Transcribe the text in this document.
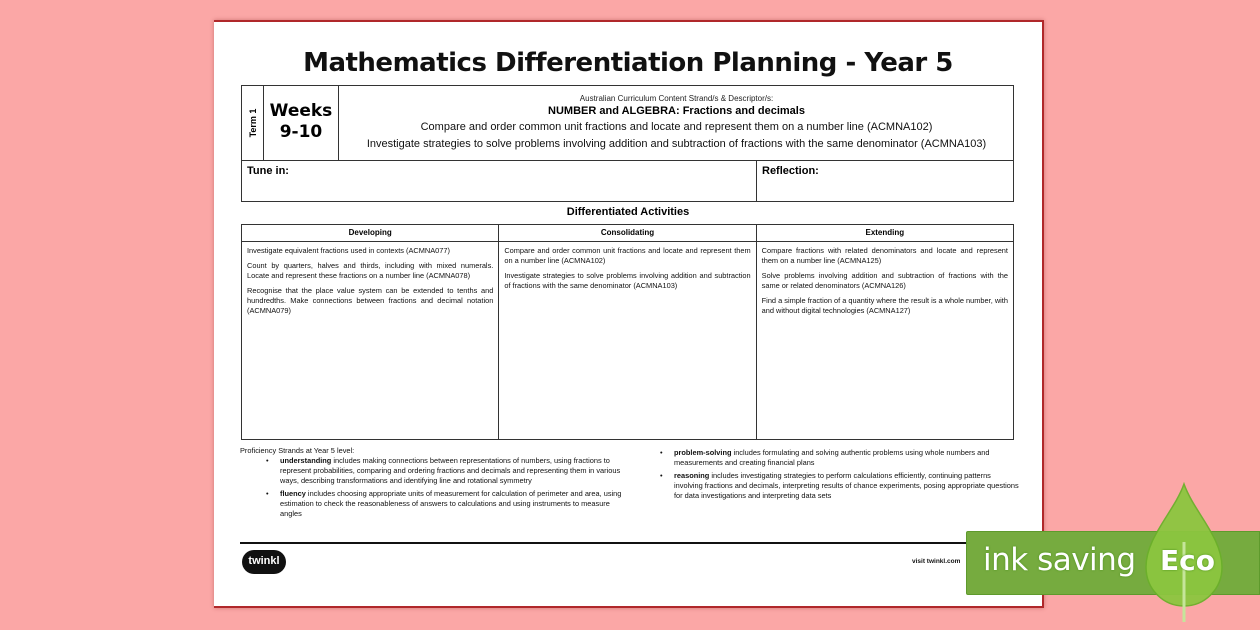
Mathematics Differentiation Planning - Year 5
Term 1 Weeks
9-10
Australian Curriculum Content Strand/s & Descriptor/s:
NUMBER and ALGEBRA: Fractions and decimals
Compare and order common unit fractions and locate and represent them on a number line (ACMNA102)
Investigate strategies to solve problems involving addition and subtraction of fractions with the same denominator (ACMNA103)
Tune in:	Reflection:
Differentiated Activities
Developing

Investigate equivalent fractions used in contexts (ACMNA077)

Count by quarters, halves and thirds, including with mixed numerals. Locate and represent these fractions on a number line (ACMNA078)

Recognise that the place value system can be extended to tenths and hundredths. Make connections between fractions and decimal notation (ACMNA079)

Consolidating

Compare and order common unit fractions and locate and represent them on a number line (ACMNA102)

Investigate strategies to solve problems involving addition and subtraction of fractions with the same denominator (ACMNA103)

Extending

Compare fractions with related denominators and locate and represent them on a number line (ACMNA125)

Solve problems involving addition and subtraction of fractions with the same or related denominators (ACMNA126)

Find a simple fraction of a quantity where the result is a whole number, with and without digital technologies (ACMNA127)

Proficiency Strands at Year 5 level:
• understanding includes making connections between representations of numbers, using fractions to represent probabilities, comparing and ordering fractions and decimals and representing them in various ways, describing transformations and identifying line and rotational symmetry
• fluency includes choosing appropriate units of measurement for calculation of perimeter and area, using estimation to check the reasonableness of answers to calculations and using instruments to measure angles
• problem-solving includes formulating and solving authentic problems using whole numbers and measurements and creating financial plans
• reasoning includes investigating strategies to perform calculations efficiently, continuing patterns involving fractions and decimals, interpreting results of chance experiments, posing appropriate questions for data investigations and interpreting data sets
twinkl	visit twinkl.com ink saving Eco
